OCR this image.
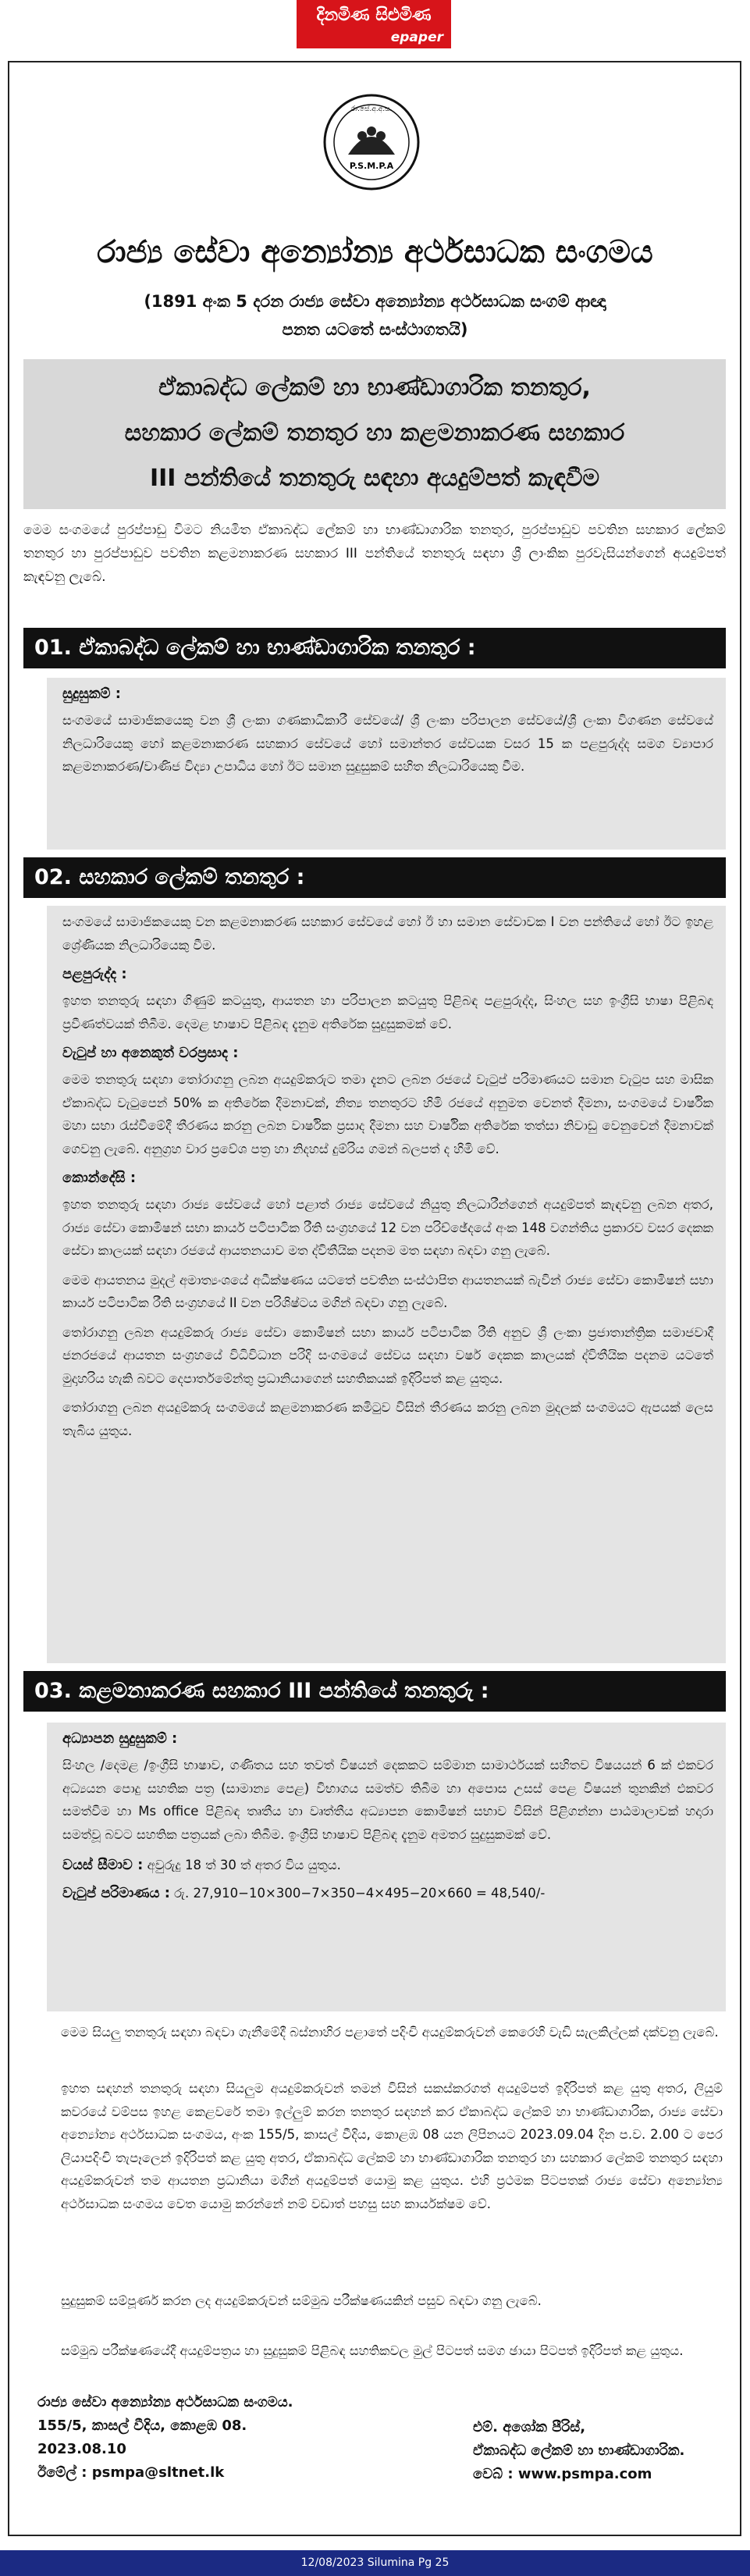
දිනමිණ සිළුමිණ
epaper
රා.සේ.අ.අ.ස.
P.S.M.P.A
රාජ්‍ය සේවා අන්‍යෝන්‍ය අර්ථසාධක සංගමය
(1891 අංක 5 දරන රාජ්‍ය සේවා අන්‍යෝන්‍ය අර්ථසාධක සංගම් ආඥා
පනත යටතේ සංස්ථාගතයි)
ඒකාබද්ධ ලේකම් හා භාණ්ඩාගාරික තනතුර,
සහකාර ලේකම් තනතුර හා කළමනාකරණ සහකාර
III පන්තියේ තනතුරු සඳහා අයදුම්පත් කැඳවීම
මෙම සංගමයේ පුරප්පාඩු විමට නියමිත ඒකාබද්ධ ලේකම් හා භාණ්ඩාගාරික තනතුර, පුරප්පාඩුව පවතින සහකාර ලේකම් තනතුර හා පුරප්පාඩුව පවතින කළමනාකරණ සහකාර III පන්තියේ තනතුරු සඳහා ශ්‍රී ලාංකික පුරවැසියන්ගෙන් අයදුම්පත් කැඳවනු ලැබේ.
01. ඒකාබද්ධ ලේකම් හා භාණ්ඩාගාරික තනතුර :
සුදුසුකම් :
සංගමයේ සාමාජිකයෙකු වන ශ්‍රී ලංකා ගණකාධිකාරී සේවයේ/ ශ්‍රී ලංකා පරිපාලන සේවයේ/ශ්‍රී ලංකා විගණන සේවයේ නිලධාරියෙකු හෝ කළමනාකරණ සහකාර සේවයේ හෝ සමාන්තර සේවයක වසර 15 ක පළපුරුද්ද සමග ව්‍යාපාර කළමනාකරණ/වාණිජ විද්‍යා උපාධිය හෝ ඊට සමාන සුදුසුකම් සහිත නිලධාරියෙකු වීම.
02. සහකාර ලේකම් තනතුර :
සංගමයේ සාමාජිකයෙකු වන කළමනාකරණ සහකාර සේවයේ හෝ ඊ හා සමාන සේවාවක I වන පන්තියේ හෝ ඊට ඉහළ ශ්‍රේණියක නිලධාරියෙකු වීම.
පළපුරුද්ද :
ඉහත තනතුරු සඳහා ගිණුම් කටයුතු, ආයතන හා පරිපාලන කටයුතු පිළිබඳ පළපුරුද්ද, සිංහල සහ ඉංග්‍රීසි භාෂා පිළිබඳ ප්‍රවීණත්වයක් තිබීම. දෙමළ භාෂාව පිළිබඳ දැනුම අතිරේක සුදුසුකමක් වේ.
වැටුප් හා අනෙකුත් වරප්‍රසාද :
මෙම තනතුරු සඳහා තෝරාගනු ලබන අයදුම්කරුට තමා දැනට ලබන රජයේ වැටුප් පරිමාණයට සමාන වැටුප සහ මාසික ඒකාබද්ධ වැටුපෙන් 50% ක අතිරේක දීමනාවක්, නිත්‍ය තනතුරට හිමි රජයේ අනුමත වෙනත් දීමනා, සංගමයේ වාර්ෂික මහා සභා රැස්වීමේදී තීරණය කරනු ලබන වාර්ෂික ප්‍රසාද දීමනා සහ වාර්ෂික අතිරේක තත්සා නිවාඩු වෙනුවෙන් දීමනාවක් ගෙවනු ලැබේ. අනුග්‍රහ වාර ප්‍රවේශ පත්‍ර හා නිදහස් දුම්රිය ගමන් බලපත් ද හිමි වේ.
කොන්දේසි :
ඉහත තනතුරු සඳහා රාජ්‍ය සේවයේ හෝ පළාත් රාජ්‍ය සේවයේ නියුතු නිලධාරීන්ගෙන් අයදුම්පත් කැඳවනු ලබන අතර, රාජ්‍ය සේවා කොමිෂන් සභා කාර්ය පටිපාටික රීති සංග්‍රහයේ 12 වන පරිච්ඡේදයේ අංක 148 වගන්තිය ප්‍රකාරව වසර දෙකක සේවා කාලයක් සඳහා රජයේ ආයතනයාව මත ද්විතීයික පදනම මත සඳහා බඳවා ගනු ලැබේ.
මෙම ආයතනය මුදල් අමාත්‍යංශයේ අධීක්ෂණය යටතේ පවතින සංස්ථාපිත ආයතනයක් බැවින් රාජ්‍ය සේවා කොමිෂන් සභා කාර්ය පටිපාටික රීති සංග්‍රහයේ II වන පරිශිෂ්ටය මගින් බඳවා ගනු ලැබේ.
තෝරාගනු ලබන අයදුම්කරු රාජ්‍ය සේවා කොමිෂන් සභා කාර්ය පටිපාටික රීති අනුව ශ්‍රී ලංකා ප්‍රජාතාන්ත්‍රික සමාජවාදී ජනරජයේ ආයතන සංග්‍රහයේ විධිවිධාන පරිදි සංගමයේ සේවය සඳහා වර්ෂ දෙකක කාලයක් ද්විතීයික පදනම යටතේ මුදාහරිය හැකි බවට දෙපාර්තමේන්තු ප්‍රධානියාගෙන් සහතිකයක් ඉදිරිපත් කළ යුතුය.
තෝරාගනු ලබන අයදුම්කරු සංගමයේ කළමනාකරණ කමිටුව විසින් තීරණය කරනු ලබන මුදලක් සංගමයට ඇපයක් ලෙස තැබිය යුතුය.
03. කළමනාකරණ සහකාර III පන්තියේ තනතුරු :
අධ්‍යාපන සුදුසුකම් :
සිංහල /දෙමළ /ඉංග්‍රීසි භාෂාව, ගණිතය සහ තවත් විෂයන් දෙකකට සම්මාන සාමාර්ථයක් සහිතව විෂයයන් 6 ක් එකවර අධ්‍යයන පොදු සහතික පත්‍ර (සාමාන්‍ය පෙළ) විභාගය සමත්ව තිබීම හා අපොස උසස් පෙළ විෂයන් තුනකින් එකවර සමත්වීම හා Ms office පිළිබඳ තෘතීය හා වෘත්තීය අධ්‍යාපන කොමිෂන් සභාව විසින් පිළිගන්නා පාඨමාලාවක් හදාරා සමත්වූ බවට සහතික පත්‍රයක් ලබා තිබීම. ඉංග්‍රීසි භාෂාව පිළිබඳ දැනුම අමතර සුදුසුකමක් වේ.
වයස් සීමාව : අවුරුදු 18 ත් 30 ත් අතර විය යුතුය.
වැටුප් පරිමාණය : රු. 27,910−10×300−7×350−4×495−20×660 = 48,540/-
මෙම සියලු තනතුරු සඳහා බඳවා ගැනීමේදී බස්නාහිර පළාතේ පදිංචි අයදුම්කරුවන් කෙරෙහි වැඩි සැලකිල්ලක් දක්වනු ලැබේ.
ඉහත සඳහන් තනතුරු සඳහා සියලුම අයදුම්කරුවන් තමන් විසින් සකස්කරගත් අයදුම්පත් ඉදිරිපත් කළ යුතු අතර, ලියුම් කවරයේ වම්පස ඉහළ කෙළවරේ තමා ඉල්ලුම් කරන තනතුර සඳහන් කර ඒකාබද්ධ ලේකම් හා භාණ්ඩාගාරික, රාජ්‍ය සේවා අන්‍යෝන්‍ය අර්ථසාධක සංගමය, අංක 155/5, කාසල් වීදිය, කොළඹ 08 යන ලිපිනයට 2023.09.04 දින ප.ව. 2.00 ට පෙර ලියාපදිංචි තැපෑලෙන් ඉදිරිපත් කළ යුතු අතර, ඒකාබද්ධ ලේකම් හා භාණ්ඩාගාරික තනතුර හා සහකාර ලේකම් තනතුර සඳහා අයදුම්කරුවන් තම ආයතන ප්‍රධානියා මගින් අයදුම්පත් යොමු කළ යුතුය. එහි ප්‍රථමක පිටපතක් රාජ්‍ය සේවා අන්‍යෝන්‍ය අර්ථසාධක සංගමය වෙත යොමු කරන්නේ නම් වඩාත් පහසු සහ කාර්යක්ෂම වේ.
සුදුසුකම් සම්පූර්ණ කරන ලද අයදුම්කරුවන් සම්මුඛ පරීක්ෂණයකින් පසුව බඳවා ගනු ලැබේ.
සම්මුඛ පරීක්ෂණයේදී අයදුම්පත්‍රය හා සුදුසුකම් පිළිබඳ සහතිකවල මුල් පිටපත් සමග ඡායා පිටපත් ඉදිරිපත් කළ යුතුය.
රාජ්‍ය සේවා අන්‍යෝන්‍ය අර්ථසාධක සංගමය.
155/5, කාසල් වීදිය, කොළඹ 08.
2023.08.10
ඊමේල් : psmpa@sltnet.lk
එම්. අශෝක පීරිස්,
ඒකාබද්ධ ලේකම් හා භාණ්ඩාගාරික.
වෙබ් : www.psmpa.com
12/08/2023 Silumina Pg 25
